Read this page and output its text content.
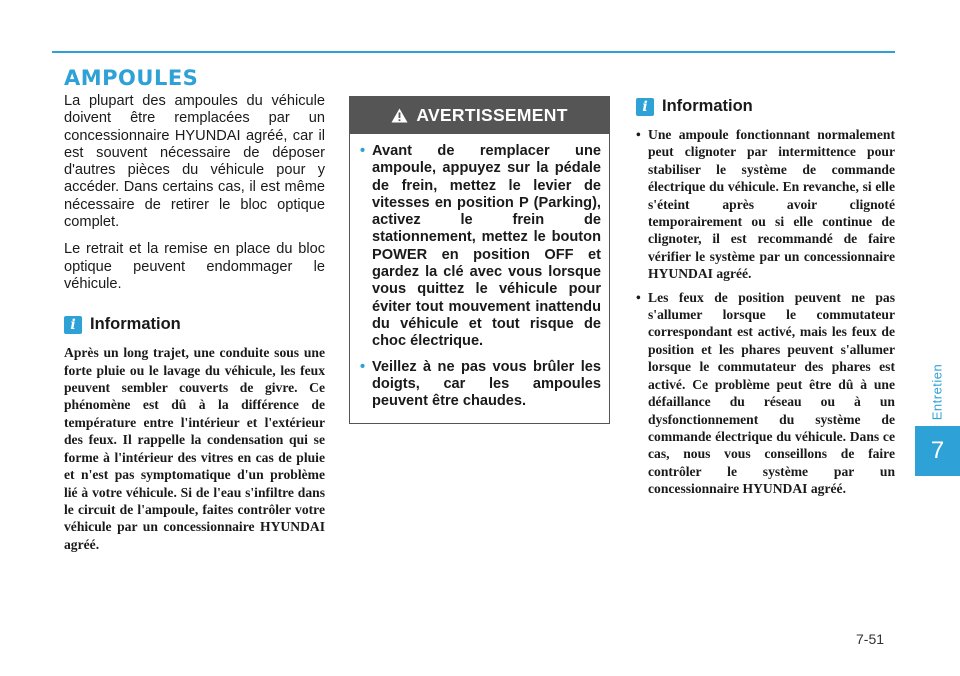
AMPOULES

La plupart des ampoules du véhicule doivent être remplacées par un concessionnaire HYUNDAI agréé, car il est souvent nécessaire de déposer d'autres pièces du véhicule pour y accéder. Dans certains cas, il est même nécessaire de retirer le bloc optique complet.

Le retrait et la remise en place du bloc optique peuvent endommager le véhicule.

i Information

Après un long trajet, une conduite sous une forte pluie ou le lavage du véhicule, les feux peuvent sembler couverts de givre. Ce phénomène est dû à la différence de température entre l'intérieur et l'extérieur des feux. Il rappelle la condensation qui se forme à l'intérieur des vitres en cas de pluie et n'est pas symptomatique d'un problème lié à votre véhicule. Si de l'eau s'infiltre dans le circuit de l'ampoule, faites contrôler votre véhicule par un concessionnaire HYUNDAI agréé.

AVERTISSEMENT
• Avant de remplacer une ampoule, appuyez sur la pédale de frein, mettez le levier de vitesses en position P (Parking), activez le frein de stationnement, mettez le bouton POWER en position OFF et gardez la clé avec vous lorsque vous quittez le véhicule pour éviter tout mouvement inattendu du véhicule et tout risque de choc électrique.
• Veillez à ne pas vous brûler les doigts, car les ampoules peuvent être chaudes.
i Information
• Une ampoule fonctionnant normalement peut clignoter par intermittence pour stabiliser le système de commande électrique du véhicule. En revanche, si elle s'éteint après avoir clignoté temporairement ou si elle continue de clignoter, il est recommandé de faire vérifier le système par un concessionnaire HYUNDAI agréé.
• Les feux de position peuvent ne pas s'allumer lorsque le commutateur correspondant est activé, mais les feux de position et les phares peuvent s'allumer lorsque le commutateur des phares est activé. Ce problème peut être dû à une défaillance du réseau ou à un dysfonctionnement du système de commande électrique du véhicule. Dans ce cas, nous vous conseillons de faire contrôler le système par un concessionnaire HYUNDAI agréé.
Entretien
7
7-51
